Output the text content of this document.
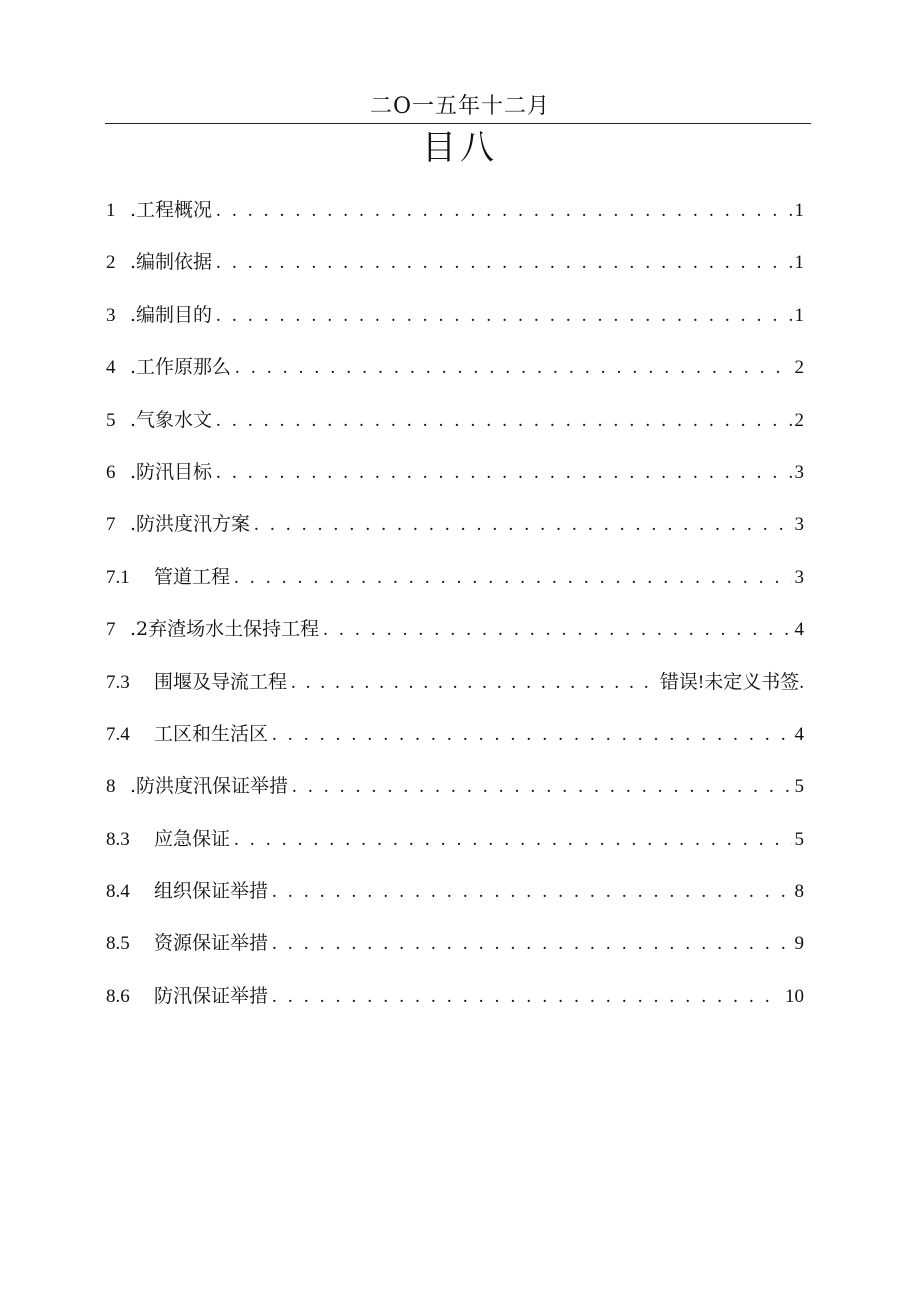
二O一五年十二月
目八
1 .工程概况 . . .	1
2 .编制依据 . . .	1
3 .编制目的 . . .	1
4 .工作原那么 . . .	2
5 .气象水文 . . .	2
6 .防汛目标 . . .	3
7 .防洪度汛方案 . . .	3
7.1	管道工程 . . .	3
7 .2弃渣场水土保持工程 . . .	4
7.3	围堰及导流工程 . . .	错误!未定义书签.
7.4	工区和生活区 . . .	4
8 .防洪度汛保证举措 . . .	5
8.3	应急保证 . . .	5
8.4	组织保证举措 . . .	8
8.5	资源保证举措 . . .	9
8.6	防汛保证举措 . . .	10
